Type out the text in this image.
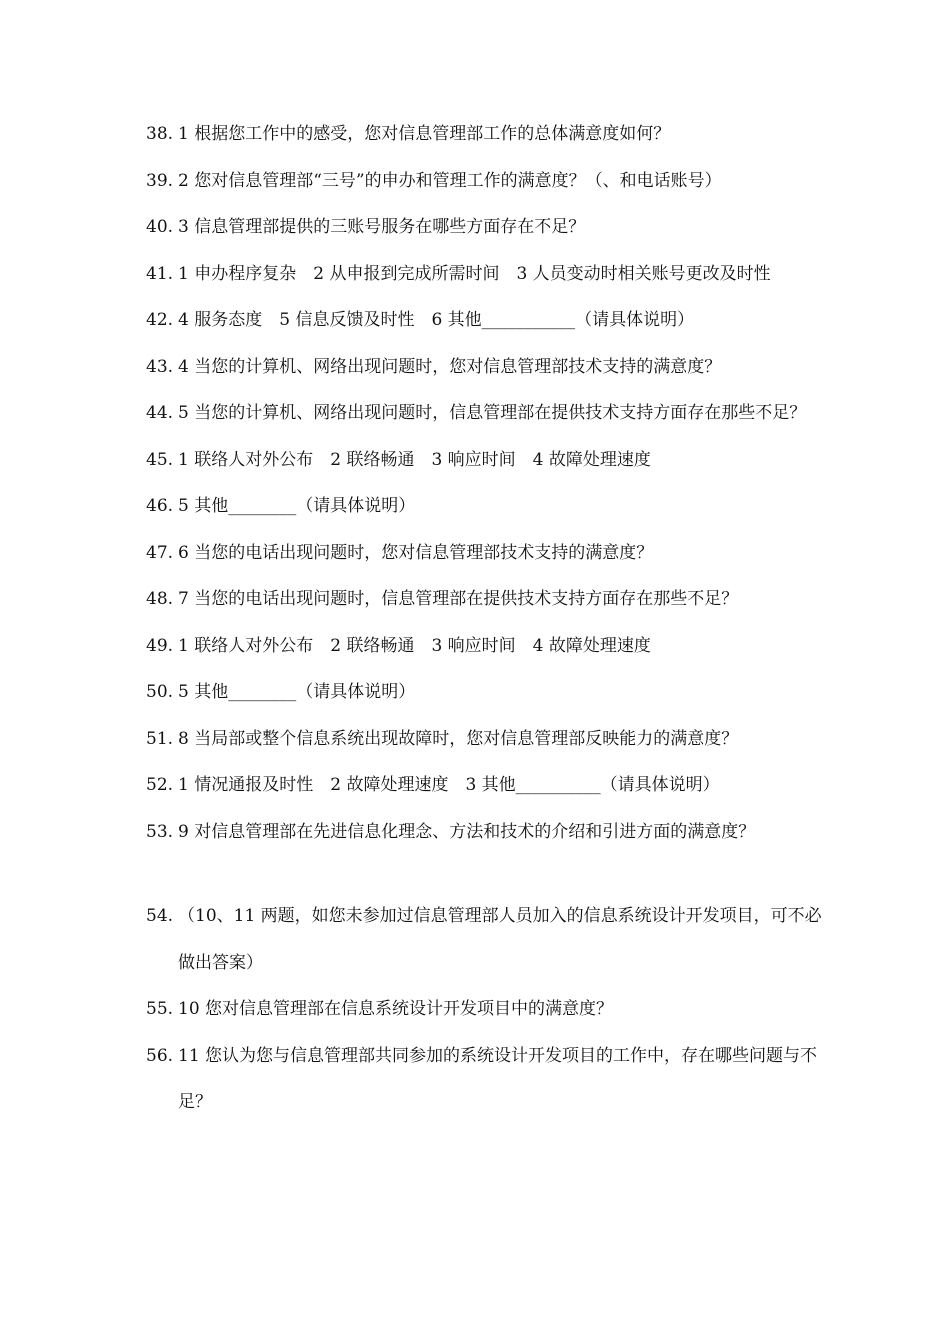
38. 1 根据您工作中的感受，您对信息管理部工作的总体满意度如何？
39. 2 您对信息管理部“三号”的申办和管理工作的满意度？（、和电话账号）
40. 3 信息管理部提供的三账号服务在哪些方面存在不足？
41. 1 申办程序复杂　2 从申报到完成所需时间　3 人员变动时相关账号更改及时性
42. 4 服务态度　5 信息反馈及时性　6 其他___________（请具体说明）
43. 4 当您的计算机、网络出现问题时，您对信息管理部技术支持的满意度？
44. 5 当您的计算机、网络出现问题时，信息管理部在提供技术支持方面存在那些不足？
45. 1 联络人对外公布　2 联络畅通　3 响应时间　4 故障处理速度
46. 5 其他________（请具体说明）
47. 6 当您的电话出现问题时，您对信息管理部技术支持的满意度？
48. 7 当您的电话出现问题时，信息管理部在提供技术支持方面存在那些不足？
49. 1 联络人对外公布　2 联络畅通　3 响应时间　4 故障处理速度
50. 5 其他________（请具体说明）
51. 8 当局部或整个信息系统出现故障时，您对信息管理部反映能力的满意度？
52. 1 情况通报及时性　2 故障处理速度　3 其他__________（请具体说明）
53. 9 对信息管理部在先进信息化理念、方法和技术的介绍和引进方面的满意度？
54. （10、11 两题，如您未参加过信息管理部人员加入的信息系统设计开发项目，可不必做出答案）
55. 10 您对信息管理部在信息系统设计开发项目中的满意度？
56. 11 您认为您与信息管理部共同参加的系统设计开发项目的工作中，存在哪些问题与不足？
